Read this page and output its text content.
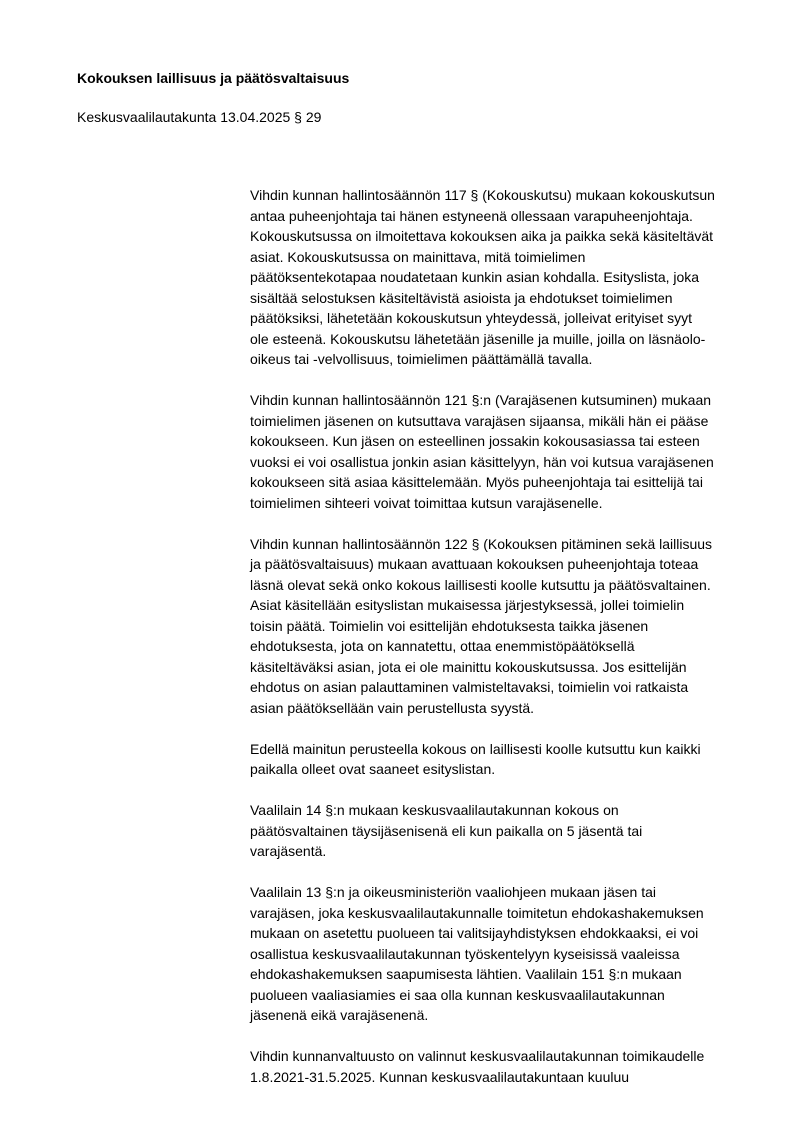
Kokouksen laillisuus ja päätösvaltaisuus

Keskusvaalilautakunta 13.04.2025 § 29

Vihdin kunnan hallintosäännön 117 § (Kokouskutsu) mukaan kokouskutsun
antaa puheenjohtaja tai hänen estyneenä ollessaan varapuheenjohtaja.
Kokouskutsussa on ilmoitettava kokouksen aika ja paikka sekä käsiteltävät
asiat. Kokouskutsussa on mainittava, mitä toimielimen
päätöksentekotapaa noudatetaan kunkin asian kohdalla. Esityslista, joka
sisältää selostuksen käsiteltävistä asioista ja ehdotukset toimielimen
päätöksiksi, lähetetään kokouskutsun yhteydessä, jolleivat erityiset syyt
ole esteenä. Kokouskutsu lähetetään jäsenille ja muille, joilla on läsnäolo-
oikeus tai -velvollisuus, toimielimen päättämällä tavalla.

Vihdin kunnan hallintosäännön 121 §:n (Varajäsenen kutsuminen) mukaan
toimielimen jäsenen on kutsuttava varajäsen sijaansa, mikäli hän ei pääse
kokoukseen. Kun jäsen on esteellinen jossakin kokousasiassa tai esteen
vuoksi ei voi osallistua jonkin asian käsittelyyn, hän voi kutsua varajäsenen
kokoukseen sitä asiaa käsittelemään. Myös puheenjohtaja tai esittelijä tai
toimielimen sihteeri voivat toimittaa kutsun varajäsenelle.

Vihdin kunnan hallintosäännön 122 § (Kokouksen pitäminen sekä laillisuus
ja päätösvaltaisuus) mukaan avattuaan kokouksen puheenjohtaja toteaa
läsnä olevat sekä onko kokous laillisesti koolle kutsuttu ja päätösvaltainen.
Asiat käsitellään esityslistan mukaisessa järjestyksessä, jollei toimielin
toisin päätä. Toimielin voi esittelijän ehdotuksesta taikka jäsenen
ehdotuksesta, jota on kannatettu, ottaa enemmistöpäätöksellä
käsiteltäväksi asian, jota ei ole mainittu kokouskutsussa. Jos esittelijän
ehdotus on asian palauttaminen valmisteltavaksi, toimielin voi ratkaista
asian päätöksellään vain perustellusta syystä.

Edellä mainitun perusteella kokous on laillisesti koolle kutsuttu kun kaikki
paikalla olleet ovat saaneet esityslistan.

Vaalilain 14 §:n mukaan keskusvaalilautakunnan kokous on
päätösvaltainen täysijäsenisenä eli kun paikalla on 5 jäsentä tai
varajäsentä.

Vaalilain 13 §:n ja oikeusministeriön vaaliohjeen mukaan jäsen tai
varajäsen, joka keskusvaalilautakunnalle toimitetun ehdokashakemuksen
mukaan on asetettu puolueen tai valitsijayhdistyksen ehdokkaaksi, ei voi
osallistua keskusvaalilautakunnan työskentelyyn kyseisissä vaaleissa
ehdokashakemuksen saapumisesta lähtien. Vaalilain 151 §:n mukaan
puolueen vaaliasiamies ei saa olla kunnan keskusvaalilautakunnan
jäsenenä eikä varajäsenenä.

Vihdin kunnanvaltuusto on valinnut keskusvaalilautakunnan toimikaudelle
1.8.2021-31.5.2025. Kunnan keskusvaalilautakuntaan kuuluu
